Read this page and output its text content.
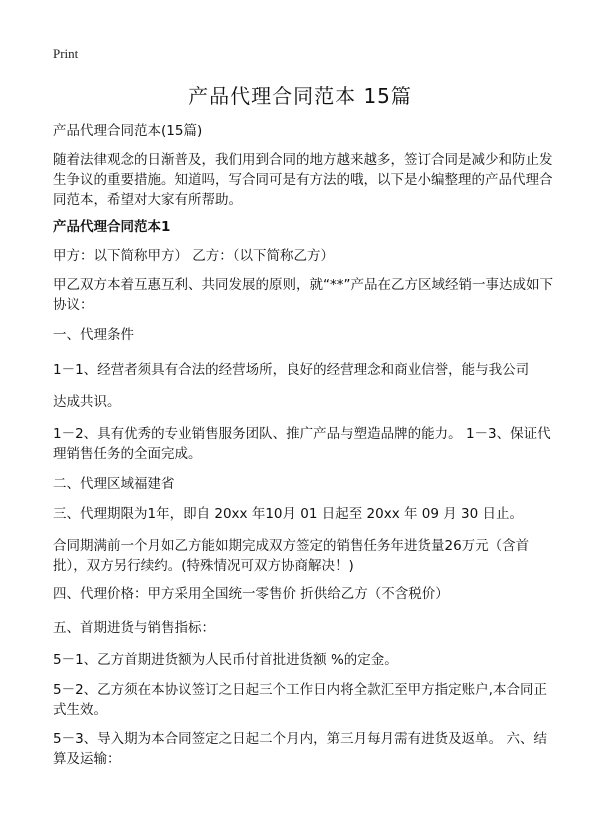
Print
产品代理合同范本 15篇

产品代理合同范本(15篇)

随着法律观念的日渐普及，我们用到合同的地方越来越多，签订合同是减少和防止发生争议的重要措施。知道吗，写合同可是有方法的哦，以下是小编整理的产品代理合同范本，希望对大家有所帮助。

产品代理合同范本1

甲方：以下简称甲方） 乙方：（以下简称乙方）

甲乙双方本着互惠互利、共同发展的原则，就“**”产品在乙方区域经销一事达成如下协议：

一、代理条件

1－1、经营者须具有合法的经营场所，良好的经营理念和商业信誉，能与我公司

达成共识。

1－2、具有优秀的专业销售服务团队、推广产品与塑造品牌的能力。 1－3、保证代理销售任务的全面完成。

二、代理区域福建省

三、代理期限为1年，即自 20xx 年10月 01 日起至 20xx 年 09 月 30 日止。

合同期满前一个月如乙方能如期完成双方签定的销售任务年进货量26万元（含首批），双方另行续约。(特殊情况可双方协商解决！)

四、代理价格：甲方采用全国统一零售价 折供给乙方（不含税价）

五、首期进货与销售指标：

5－1、乙方首期进货额为人民币付首批进货额 %的定金。

5－2、乙方须在本协议签订之日起三个工作日内将全款汇至甲方指定账户,本合同正式生效。

5－3、导入期为本合同签定之日起二个月内，第三月每月需有进货及返单。 六、结算及运输：
